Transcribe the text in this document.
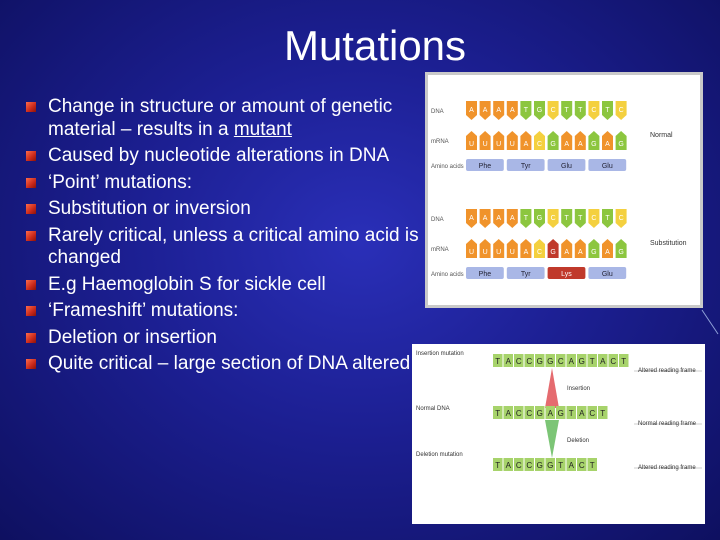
Mutations
Change in structure or amount of genetic material – results in a mutant
Caused by nucleotide alterations in DNA
‘Point’ mutations:
Substitution or inversion
Rarely critical, unless a critical amino acid is changed
E.g Haemoglobin S for sickle cell
‘Frameshift’ mutations:
Deletion or insertion
Quite critical – large section of DNA altered
DNA	A A A A T G C T T C T C
mRNA	U U U U A C G A A G A G
Amino acids Phe	Tyr	Glu	Glu
Normal
DNA	A A A A T G C T T C T C
mRNA	U U U U A C G A A G A G
Amino acids Phe	Tyr	Lys	Glu
Substitution
Insertion mutation
T A C C G G C A G T A C T
Altered reading frame
Insertion
Normal DNA	T A C C G A G T A C T
Normal reading frame
Deletion
Deletion mutation
T A C C G G T A C T	Altered reading frame
